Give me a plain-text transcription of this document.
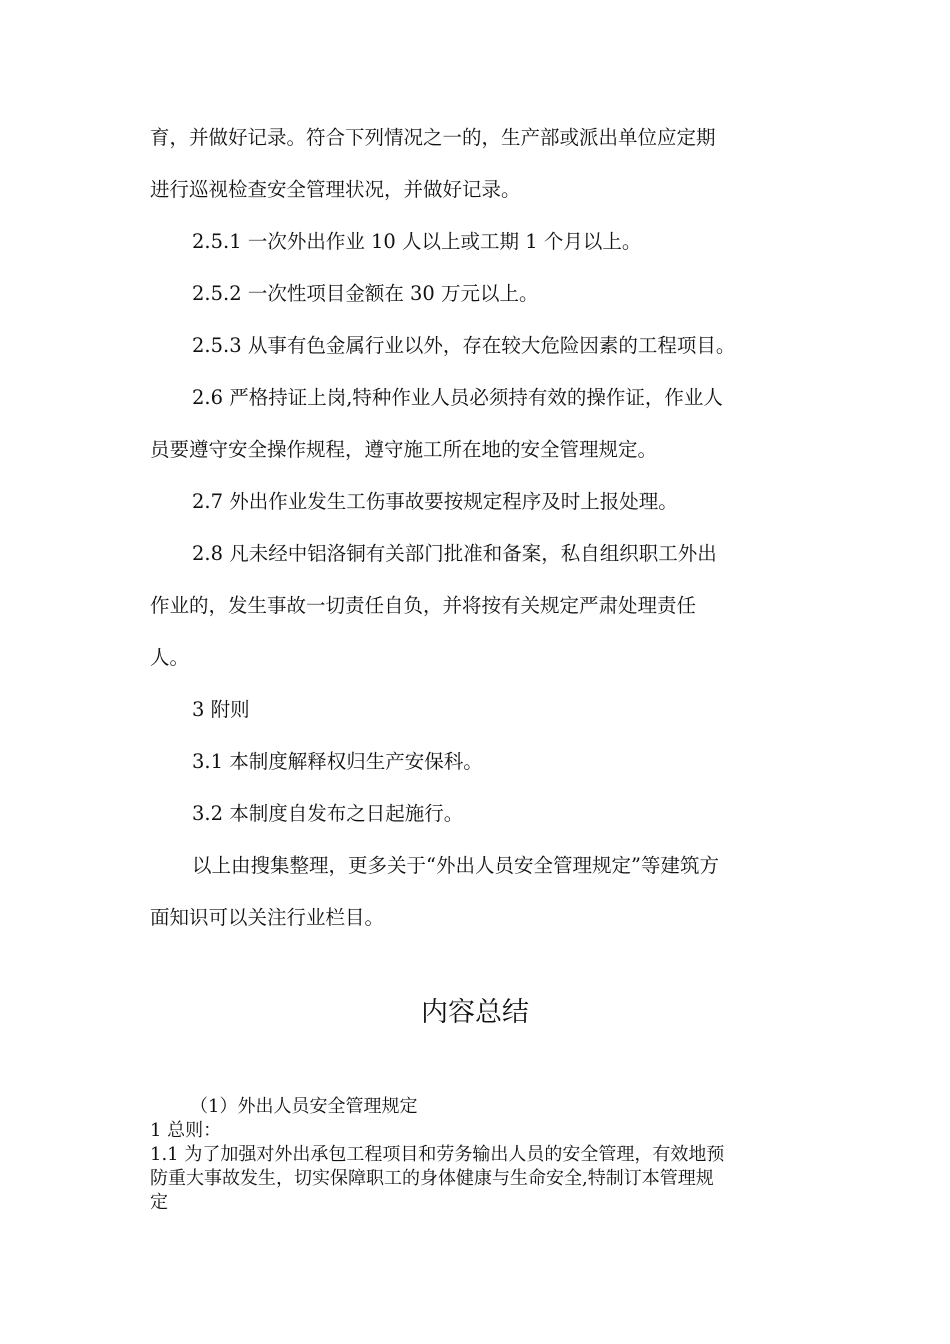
育，并做好记录。符合下列情况之一的，生产部或派出单位应定期

进行巡视检查安全管理状况，并做好记录。

2.5.1 一次外出作业 10 人以上或工期 1 个月以上。

2.5.2 一次性项目金额在 30 万元以上。

2.5.3 从事有色金属行业以外，存在较大危险因素的工程项目。

2.6 严格持证上岗,特种作业人员必须持有效的操作证，作业人

员要遵守安全操作规程，遵守施工所在地的安全管理规定。

2.7 外出作业发生工伤事故要按规定程序及时上报处理。

2.8 凡未经中铝洛铜有关部门批准和备案，私自组织职工外出

作业的，发生事故一切责任自负，并将按有关规定严肃处理责任

人。

3 附则

3.1 本制度解释权归生产安保科。

3.2 本制度自发布之日起施行。

以上由搜集整理，更多关于“外出人员安全管理规定”等建筑方

面知识可以关注行业栏目。

内容总结

（1）外出人员安全管理规定

1 总则：

1.1 为了加强对外出承包工程项目和劳务输出人员的安全管理，有效地预

防重大事故发生，切实保障职工的身体健康与生命安全,特制订本管理规

定
